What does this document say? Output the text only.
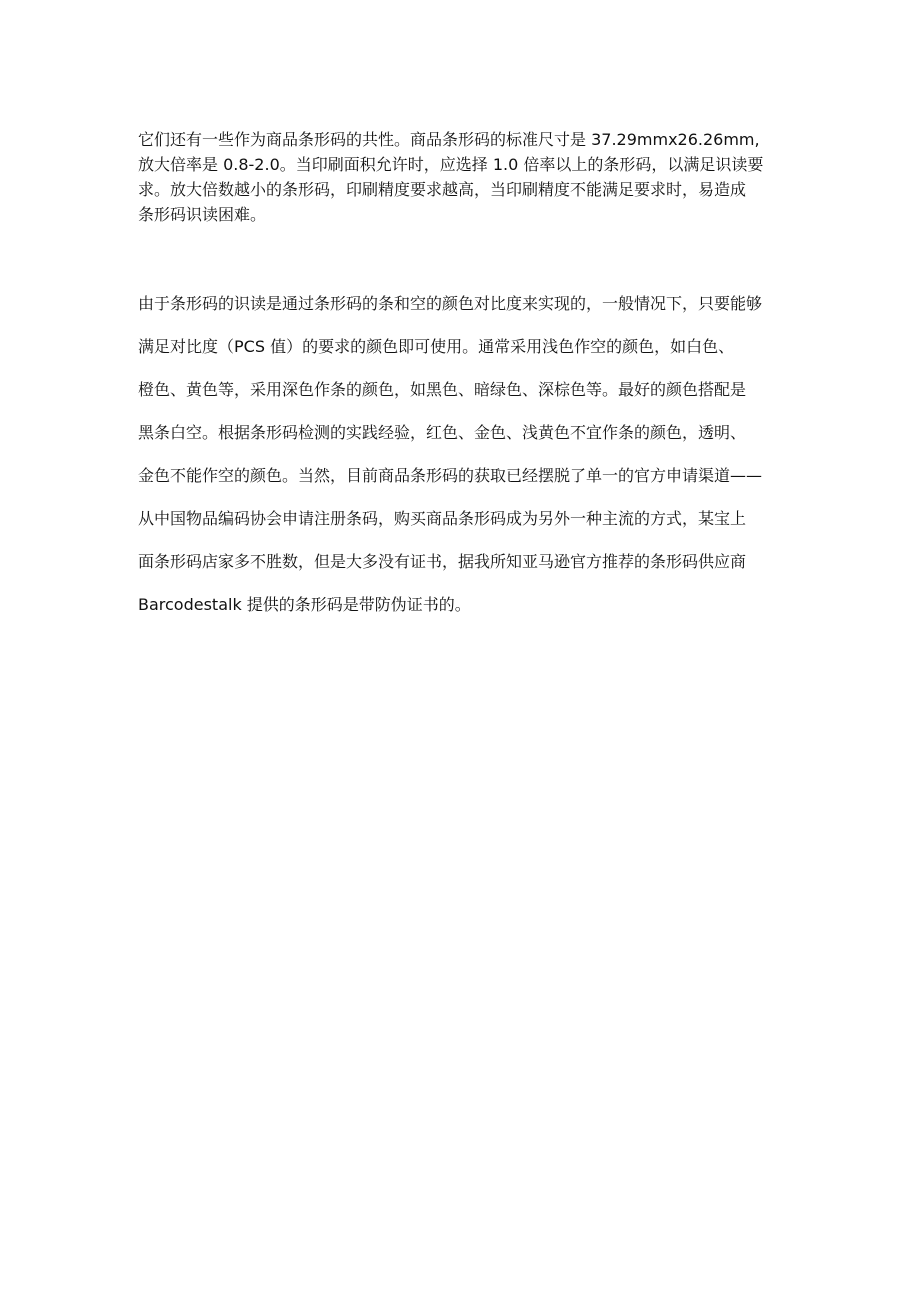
它们还有一些作为商品条形码的共性。商品条形码的标准尺寸是 37.29mmx26.26mm,
放大倍率是 0.8-2.0。当印刷面积允许时，应选择 1.0 倍率以上的条形码，以满足识读要
求。放大倍数越小的条形码，印刷精度要求越高，当印刷精度不能满足要求时，易造成
条形码识读困难。
由于条形码的识读是通过条形码的条和空的颜色对比度来实现的，一般情况下，只要能够
满足对比度（PCS 值）的要求的颜色即可使用。通常采用浅色作空的颜色，如白色、
橙色、黄色等，采用深色作条的颜色，如黑色、暗绿色、深棕色等。最好的颜色搭配是
黑条白空。根据条形码检测的实践经验，红色、金色、浅黄色不宜作条的颜色，透明、
金色不能作空的颜色。当然，目前商品条形码的获取已经摆脱了单一的官方申请渠道——
从中国物品编码协会申请注册条码，购买商品条形码成为另外一种主流的方式，某宝上
面条形码店家多不胜数，但是大多没有证书，据我所知亚马逊官方推荐的条形码供应商
Barcodestalk 提供的条形码是带防伪证书的。
